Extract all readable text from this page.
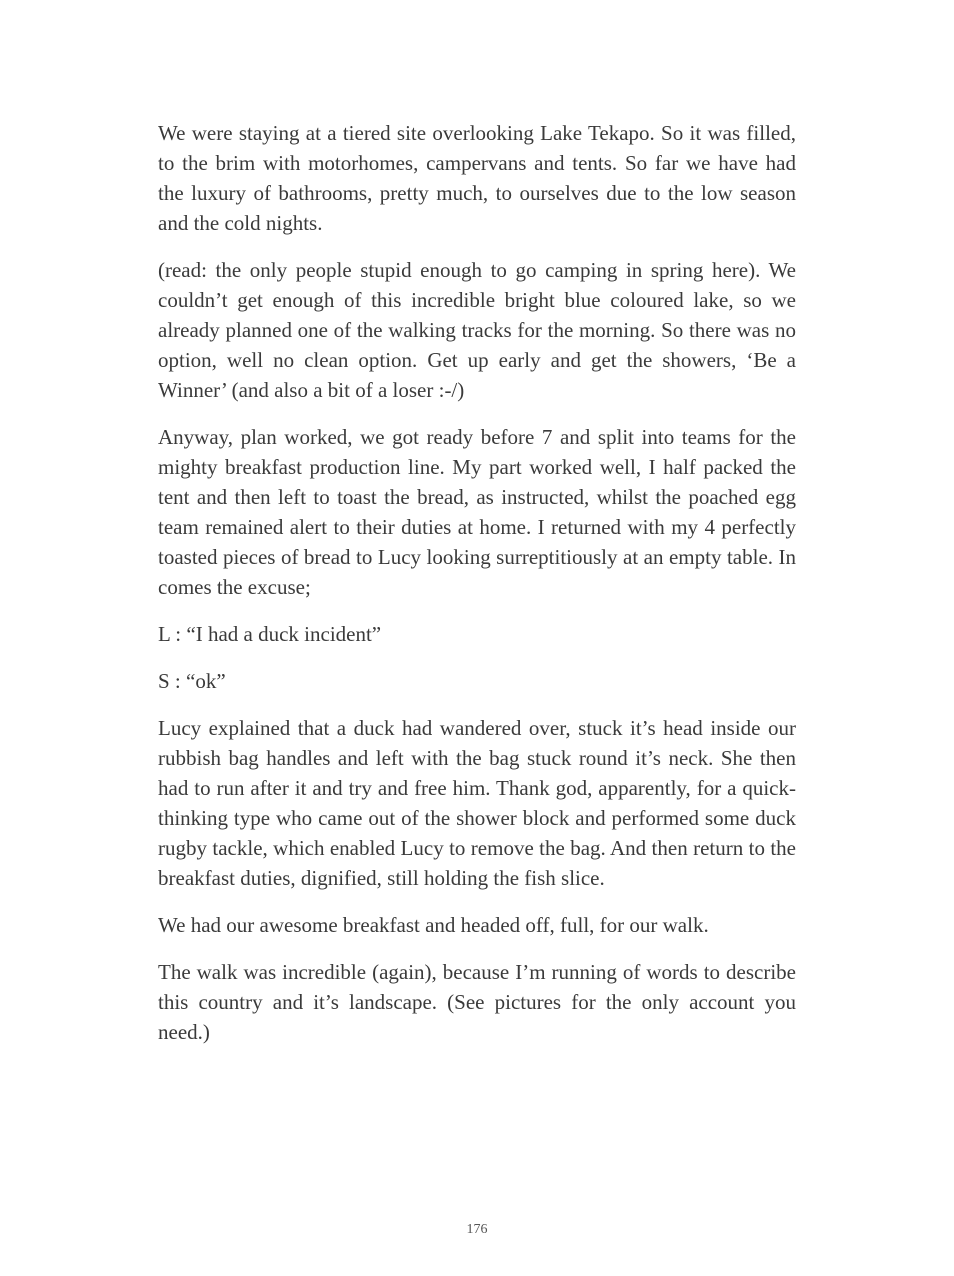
We were staying at a tiered site overlooking Lake Tekapo. So it was filled, to the brim with motorhomes, campervans and tents. So far we have had the luxury of bathrooms, pretty much, to ourselves due to the low season and the cold nights.

(read: the only people stupid enough to go camping in spring here). We couldn’t get enough of this incredible bright blue coloured lake, so we already planned one of the walking tracks for the morning. So there was no option, well no clean option. Get up early and get the showers, ‘Be a Winner’ (and also a bit of a loser :-/)

Anyway, plan worked, we got ready before 7 and split into teams for the mighty breakfast production line. My part worked well, I half packed the tent and then left to toast the bread, as instructed, whilst the poached egg team remained alert to their duties at home. I returned with my 4 perfectly toasted pieces of bread to Lucy looking surreptitiously at an empty table. In comes the excuse;

L : “I had a duck incident”

S : “ok”

Lucy explained that a duck had wandered over, stuck it’s head inside our rubbish bag handles and left with the bag stuck round it’s neck. She then had to run after it and try and free him. Thank god, apparently, for a quick-thinking type who came out of the shower block and performed some duck rugby tackle, which enabled Lucy to remove the bag. And then return to the breakfast duties, dignified, still holding the fish slice.

We had our awesome breakfast and headed off, full, for our walk.

The walk was incredible (again), because I’m running of words to describe this country and it’s landscape. (See pictures for the only account you need.)

176
